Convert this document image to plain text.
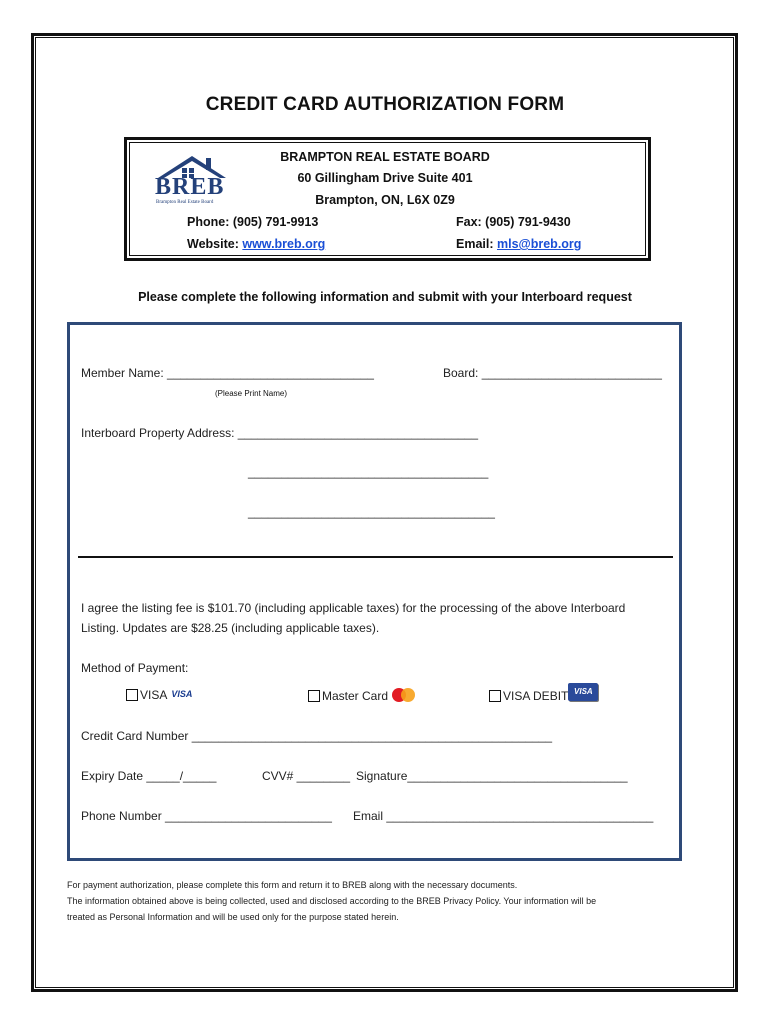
CREDIT CARD AUTHORIZATION FORM
BREB
Brampton Real Estate Board
BRAMPTON REAL ESTATE BOARD
60 Gillingham Drive Suite 401
Brampton, ON, L6X 0Z9
Phone: (905) 791-9913	Fax: (905) 791-9430
Website: www.breb.org	Email: mls@breb.org
Please complete the following information and submit with your Interboard request
Member Name: _______________________________	Board: ___________________________
(Please Print Name)
Interboard Property Address: ____________________________________
____________________________________
_____________________________________
I agree the listing fee is $101.70 (including applicable taxes) for the processing of the above Interboard
Listing. Updates are $28.25 (including applicable taxes).
Method of Payment:
VISA VISA	Master Card	VISA DEBIT VISA
Credit Card Number ______________________________________________________
Expiry Date _____/_____	CVV# ________ Signature_________________________________
Phone Number _________________________ Email ________________________________________
For payment authorization, please complete this form and return it to BREB along with the necessary documents.
The information obtained above is being collected, used and disclosed according to the BREB Privacy Policy. Your information will be
treated as Personal Information and will be used only for the purpose stated herein.
